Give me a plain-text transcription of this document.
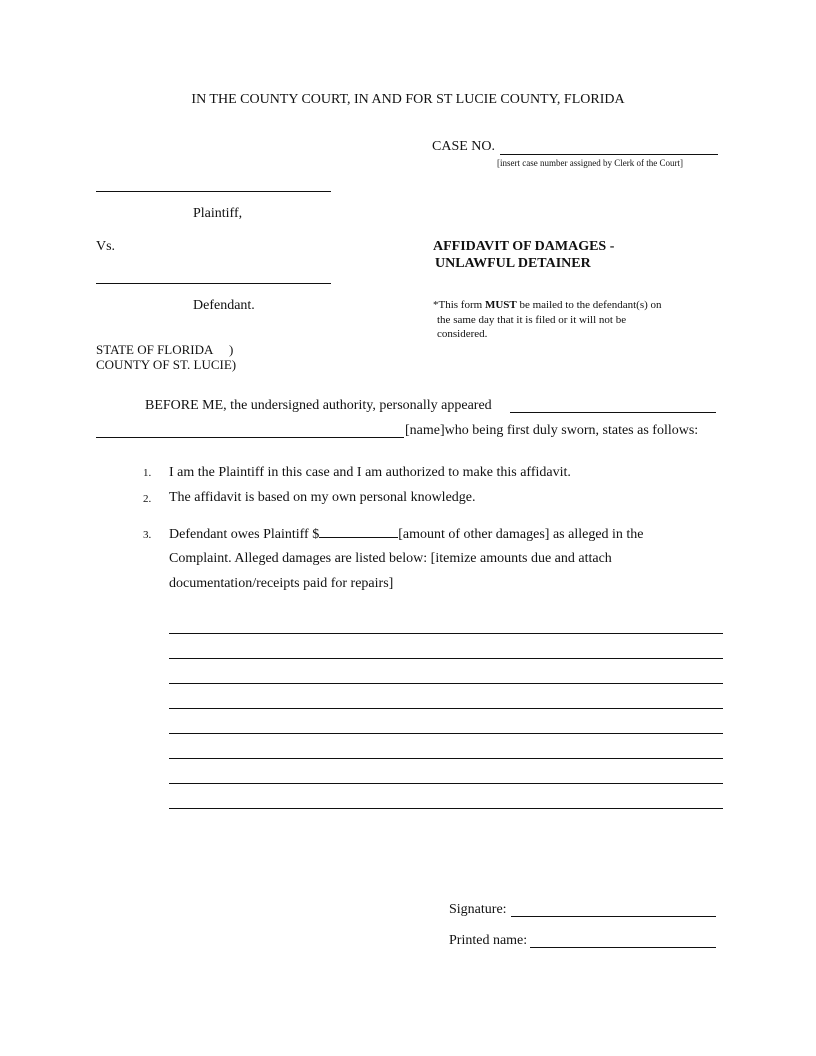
IN THE COUNTY COURT, IN AND FOR ST LUCIE COUNTY, FLORIDA
CASE NO.
[insert case number assigned by Clerk of the Court]
Plaintiff,
Vs.
Defendant.
STATE OF FLORIDA     )
COUNTY OF ST. LUCIE)
AFFIDAVIT OF DAMAGES -
UNLAWFUL DETAINER
*This form MUST be mailed to the defendant(s) on
the same day that it is filed or it will not be
considered.
BEFORE ME, the undersigned authority, personally appeared
[name]who being first duly sworn, states as follows:
1. I am the Plaintiff in this case and I am authorized to make this affidavit.
2. The affidavit is based on my own personal knowledge.
3. Defendant owes Plaintiff $	[amount of other damages] as alleged in the
Complaint. Alleged damages are listed below: [itemize amounts due and attach
documentation/receipts paid for repairs]
Signature:
Printed name:
